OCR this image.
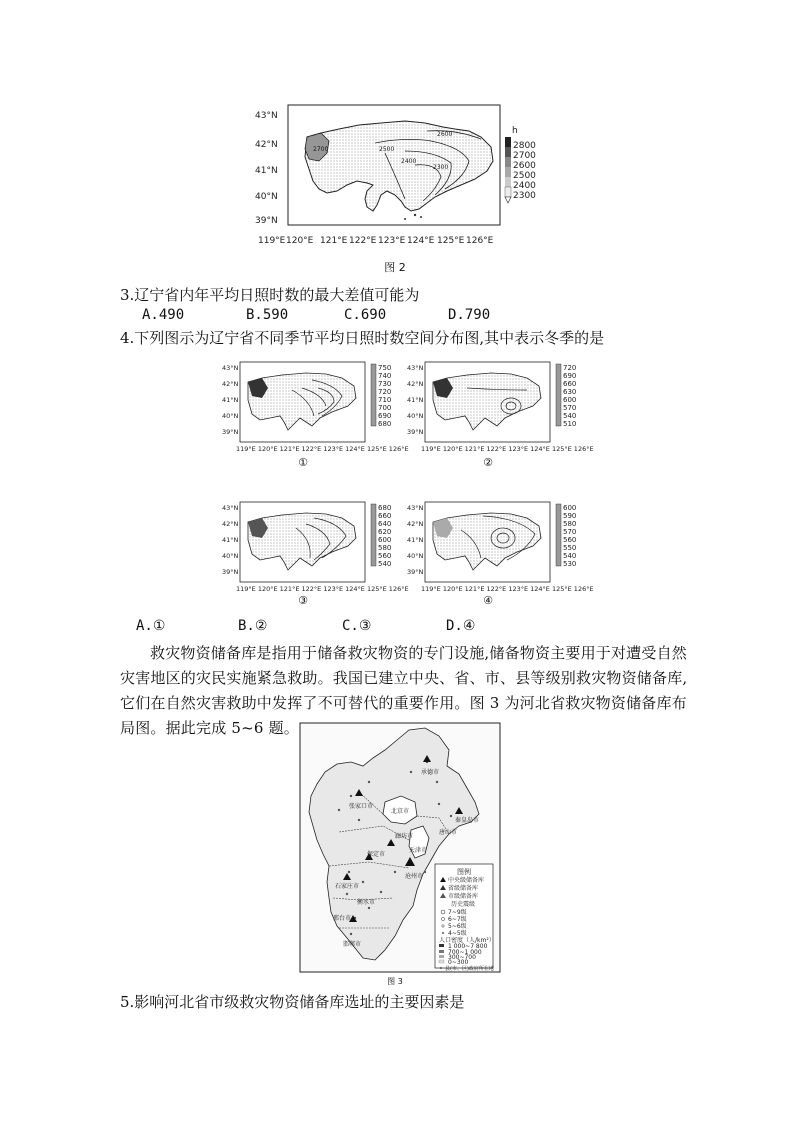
2600
2700	2500
2400
2300
43°N
42°N
41°N
40°N
39°N
119°E 120°E 121°E 122°E 123°E 124°E 125°E 126°E
h
2800
2700
2600
2500
2400
2300
图 2
3.辽宁省内年平均日照时数的最大差值可能为
A.490	B.590	C.690	D.790
4.下列图示为辽宁省不同季节平均日照时数空间分布图,其中表示冬季的是
43°N
42°N
41°N
40°N
39°N
119°E 120°E 121°E 122°E 123°E 124°E 125°E 126°E
43°N
42°N
41°N
40°N
39°N
119°E 120°E 121°E 122°E 123°E 124°E 125°E 126°E
43°N
42°N
41°N
40°N
39°N
119°E 120°E 121°E 122°E 123°E 124°E 125°E 126°E
43°N
42°N
41°N
40°N
39°N
119°E 120°E 121°E 122°E 123°E 124°E 125°E 126°E
750
740
730
720
710
700
690
680
720
690
660
630
600
570
540
510
680
660
640
620
600
580
560
540
600
590
580
570
560
550
540
530
①	②
③	④
A.①	B.②	C.③	D.④
救灾物资储备库是指用于储备救灾物资的专门设施,储备物资主要用于对遭受自然灾害地区的灾民实施紧急救助。我国已建立中央、省、市、县等级别救灾物资储备库,它们在自然灾害救助中发挥了不可替代的重要作用。图 3 为河北省救灾物资储备库布局图。据此完成 5~6 题。
承德市
张家口市
北京市
天津市
秦皇岛市
唐山市
保定市
廊坊市
沧州市
石家庄市
衡水市
邢台市
邯郸市
图例
中央级储备库
省级储备库
市级储备库
历史震级
7~9级
6~7级
5~6级
4~5级
人口密度（人/km²）
1 000~7 800
700~1 000
300~700
0~300
县(市、区)政府所在地
图 3
5.影响河北省市级救灾物资储备库选址的主要因素是
